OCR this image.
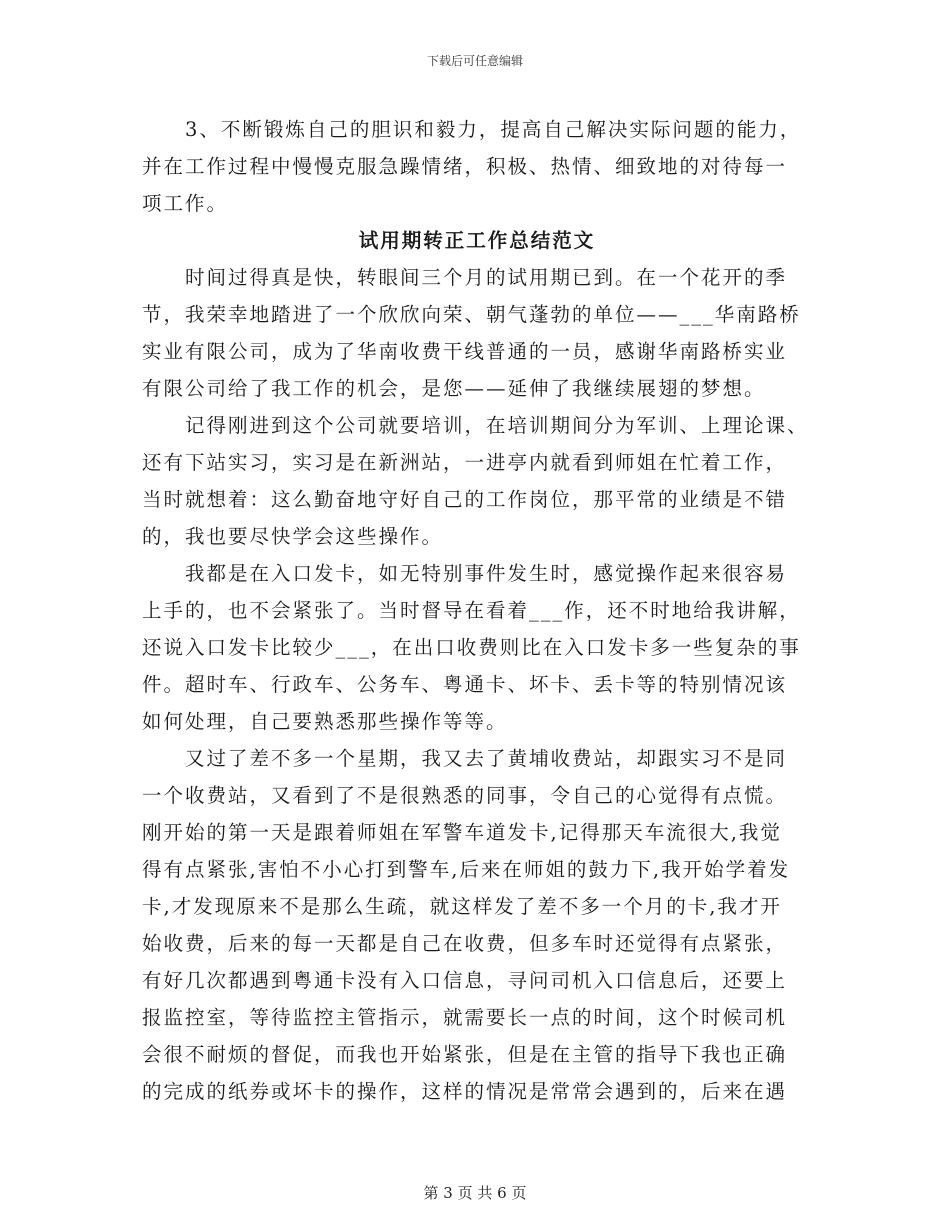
下载后可任意编辑
3、不断锻炼自己的胆识和毅力，提高自己解决实际问题的能力，
并在工作过程中慢慢克服急躁情绪，积极、热情、细致地的对待每一
项工作。
试用期转正工作总结范文
时间过得真是快，转眼间三个月的试用期已到。在一个花开的季
节，我荣幸地踏进了一个欣欣向荣、朝气蓬勃的单位——___华南路桥
实业有限公司，成为了华南收费干线普通的一员，感谢华南路桥实业
有限公司给了我工作的机会，是您——延伸了我继续展翅的梦想。
记得刚进到这个公司就要培训，在培训期间分为军训、上理论课、
还有下站实习，实习是在新洲站，一进亭内就看到师姐在忙着工作，
当时就想着：这么勤奋地守好自己的工作岗位，那平常的业绩是不错
的，我也要尽快学会这些操作。
我都是在入口发卡，如无特别事件发生时，感觉操作起来很容易
上手的，也不会紧张了。当时督导在看着___作，还不时地给我讲解，
还说入口发卡比较少___，在出口收费则比在入口发卡多一些复杂的事
件。超时车、行政车、公务车、粤通卡、坏卡、丢卡等的特别情况该
如何处理，自己要熟悉那些操作等等。
又过了差不多一个星期，我又去了黄埔收费站，却跟实习不是同
一个收费站，又看到了不是很熟悉的同事，令自己的心觉得有点慌。
刚开始的第一天是跟着师姐在军警车道发卡,记得那天车流很大,我觉
得有点紧张,害怕不小心打到警车,后来在师姐的鼓力下,我开始学着发
卡,才发现原来不是那么生疏，就这样发了差不多一个月的卡,我才开
始收费，后来的每一天都是自己在收费，但多车时还觉得有点紧张，
有好几次都遇到粤通卡没有入口信息，寻问司机入口信息后，还要上
报监控室，等待监控主管指示，就需要长一点的时间，这个时候司机
会很不耐烦的督促，而我也开始紧张，但是在主管的指导下我也正确
的完成的纸券或坏卡的操作，这样的情况是常常会遇到的，后来在遇
第 3 页 共 6 页
